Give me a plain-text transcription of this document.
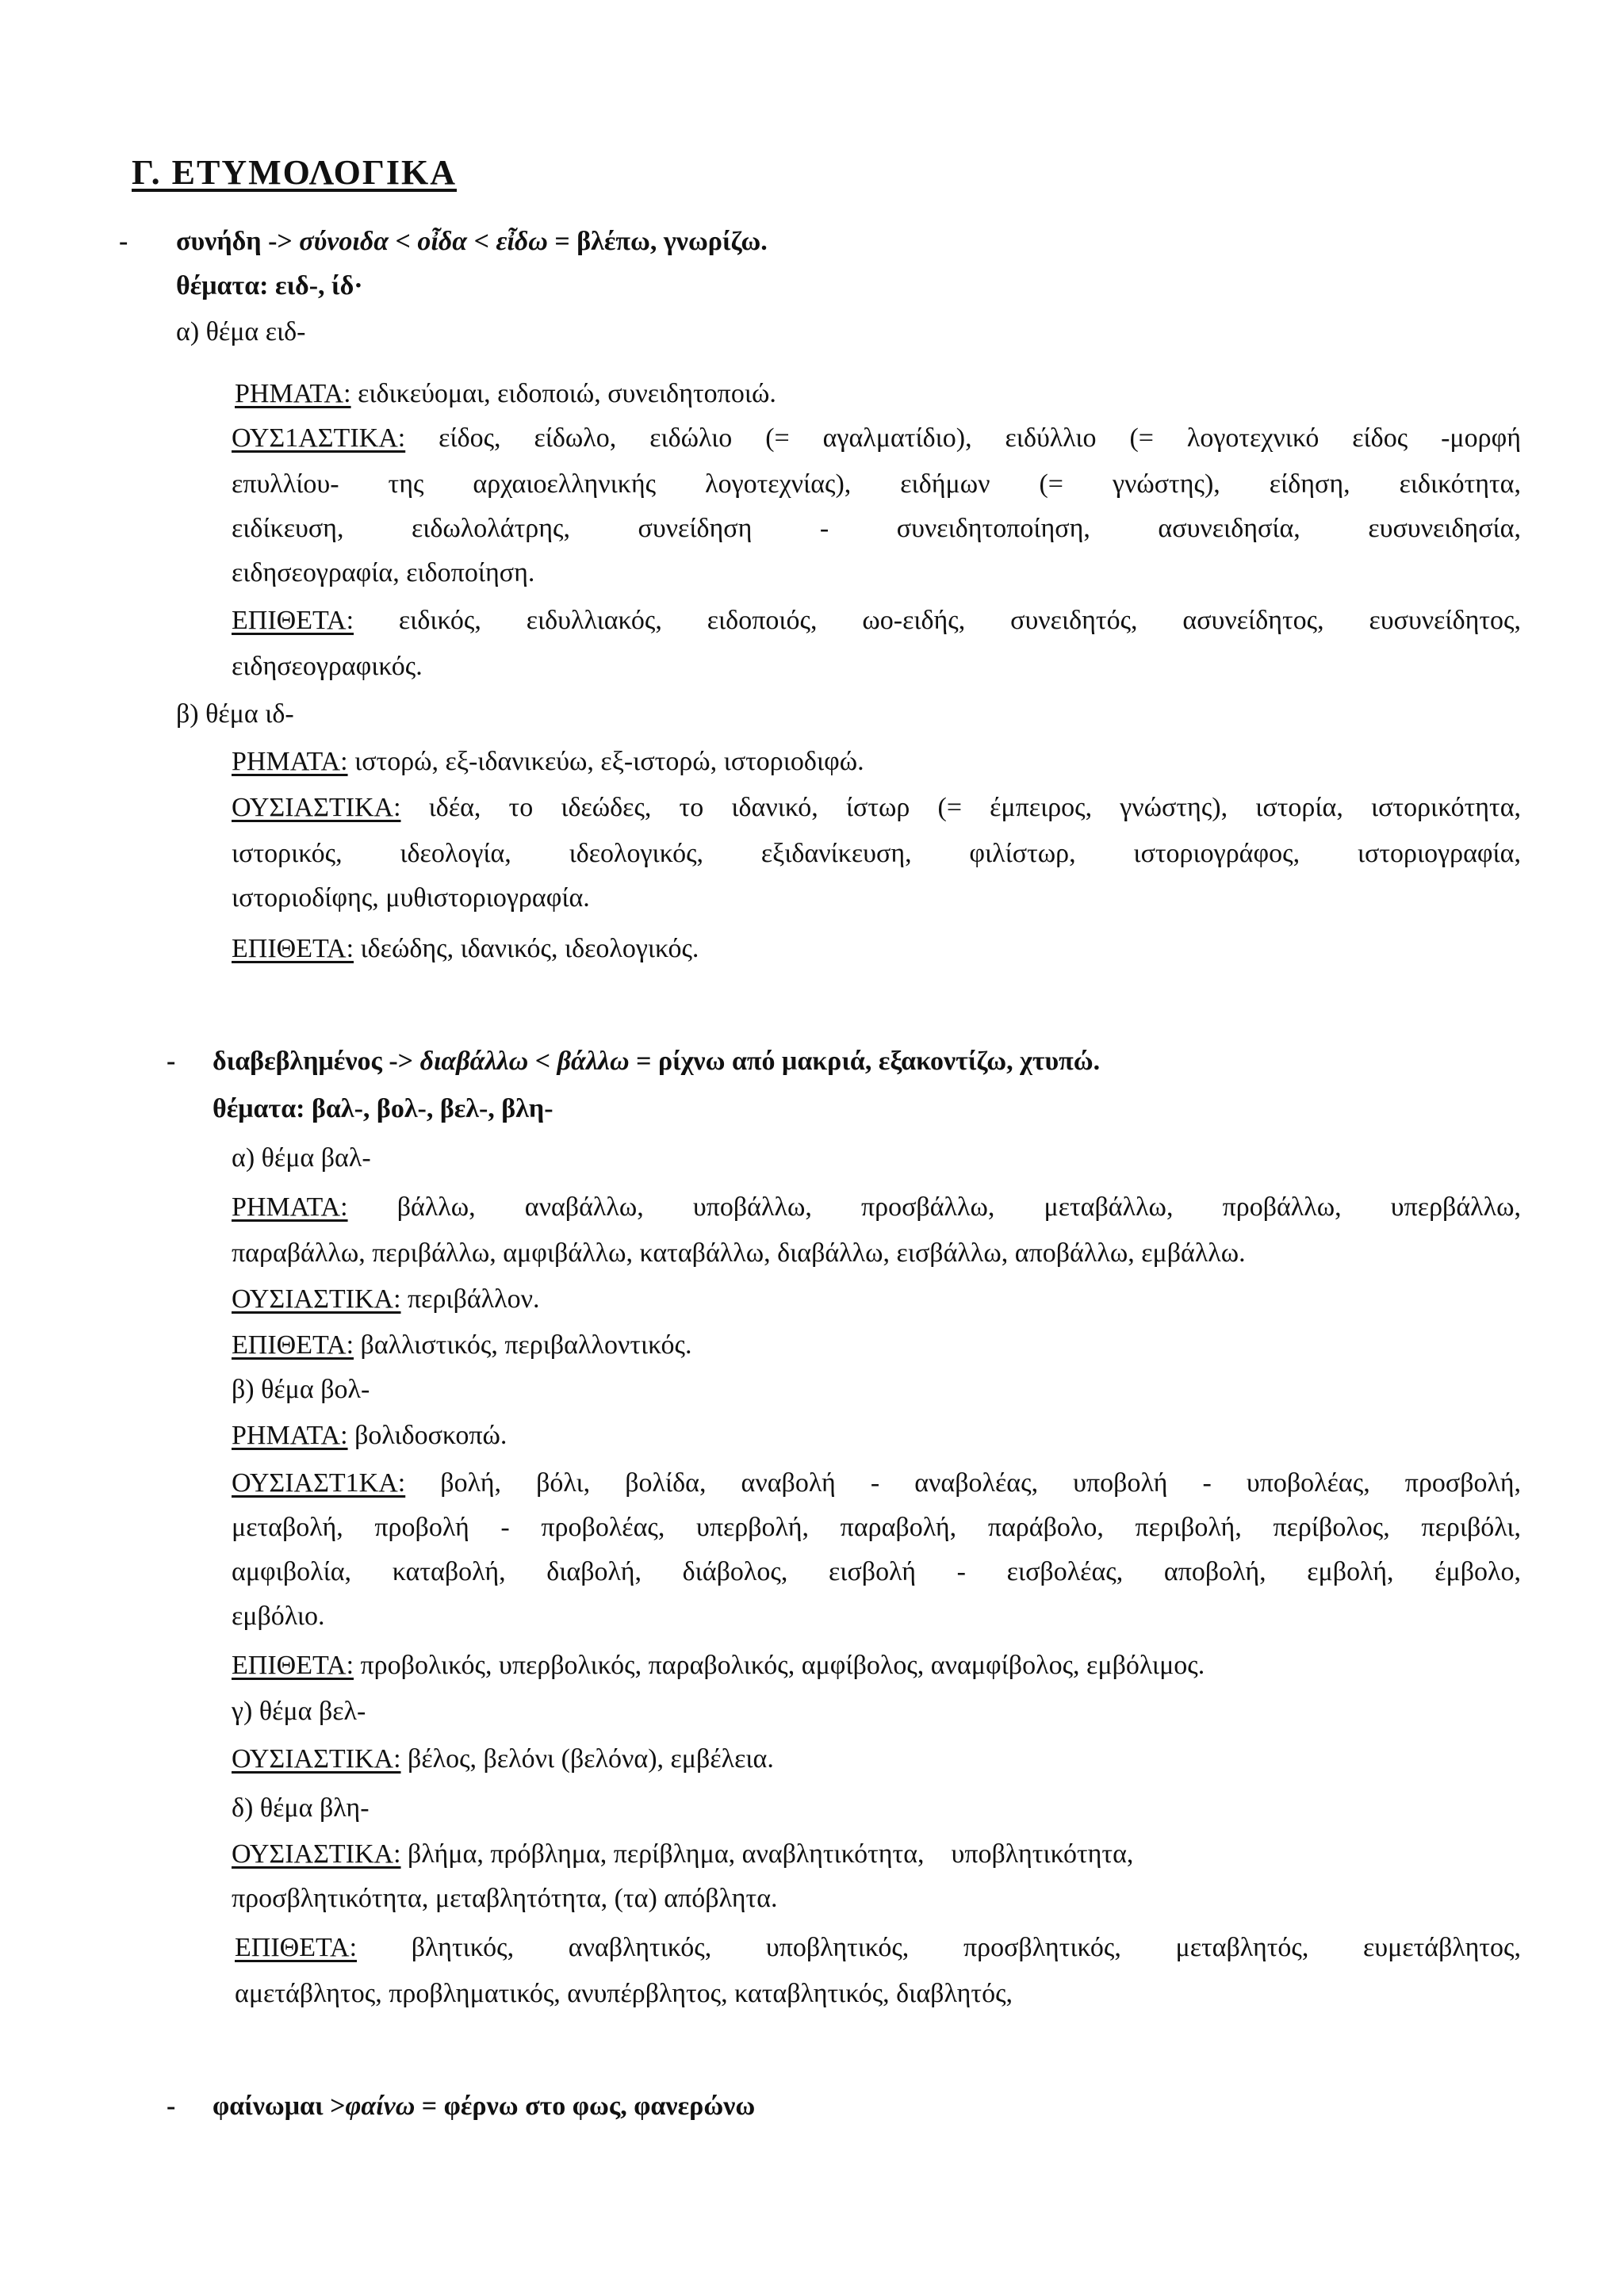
Γ. ΕΤΥΜΟΛΟΓΙΚΑ
- συνήδη -> σύνοιδα < οἶδα < εἶδω = βλέπω, γνωρίζω.
θέματα: ειδ-, ίδ·
α) θέμα ειδ-
ΡΗΜΑΤΑ: ειδικεύομαι, ειδοποιώ, συνειδητοποιώ.
ΟΥΣ1ΑΣΤΙΚΑ: είδος, είδωλο, ειδώλιο (= αγαλματίδιο), ειδύλλιο (= λογοτεχνικό είδος -μορφή
επυλλίου- της αρχαιοελληνικής λογοτεχνίας), ειδήμων (= γνώστης), είδηση, ειδικότητα,
ειδίκευση, ειδωλολάτρης, συνείδηση - συνειδητοποίηση, ασυνειδησία, ευσυνειδησία,
ειδησεογραφία, ειδοποίηση.
ΕΠΙΘΕΤΑ: ειδικός, ειδυλλιακός, ειδοποιός, ωο-ειδής, συνειδητός, ασυνείδητος, ευσυνείδητος,
ειδησεογραφικός.
β) θέμα ιδ-
ΡΗΜΑΤΑ: ιστορώ, εξ-ιδανικεύω, εξ-ιστορώ, ιστοριοδιφώ.
ΟΥΣΙΑΣΤΙΚΑ: ιδέα, το ιδεώδες, το ιδανικό, ίστωρ (= έμπειρος, γνώστης), ιστορία, ιστορικότητα,
ιστορικός, ιδεολογία, ιδεολογικός, εξιδανίκευση, φιλίστωρ, ιστοριογράφος, ιστοριογραφία,
ιστοριοδίφης, μυθιστοριογραφία.
ΕΠΙΘΕΤΑ: ιδεώδης, ιδανικός, ιδεολογικός.
- διαβεβλημένος -> διαβάλλω < βάλλω = ρίχνω από μακριά, εξακοντίζω, χτυπώ.
θέματα: βαλ-, βολ-, βελ-, βλη-
α) θέμα βαλ-
ΡΗΜΑΤΑ: βάλλω, αναβάλλω, υποβάλλω, προσβάλλω, μεταβάλλω, προβάλλω, υπερβάλλω,
παραβάλλω, περιβάλλω, αμφιβάλλω, καταβάλλω, διαβάλλω, εισβάλλω, αποβάλλω, εμβάλλω.
ΟΥΣΙΑΣΤΙΚΑ: περιβάλλον.
ΕΠΙΘΕΤΑ: βαλλιστικός, περιβαλλοντικός.
β) θέμα βολ-
ΡΗΜΑΤΑ: βολιδοσκοπώ.
ΟΥΣΙΑΣΤ1ΚΑ: βολή, βόλι, βολίδα, αναβολή - αναβολέας, υποβολή - υποβολέας, προσβολή,
μεταβολή, προβολή - προβολέας, υπερβολή, παραβολή, παράβολο, περιβολή, περίβολος, περιβόλι,
αμφιβολία, καταβολή, διαβολή, διάβολος, εισβολή - εισβολέας, αποβολή, εμβολή, έμβολο,
εμβόλιο.
ΕΠΙΘΕΤΑ: προβολικός, υπερβολικός, παραβολικός, αμφίβολος, αναμφίβολος, εμβόλιμος.
γ) θέμα βελ-
ΟΥΣΙΑΣΤΙΚΑ: βέλος, βελόνι (βελόνα), εμβέλεια.
δ) θέμα βλη-
ΟΥΣΙΑΣΤΙΚΑ: βλήμα, πρόβλημα, περίβλημα, αναβλητικότητα,    υποβλητικότητα,
προσβλητικότητα, μεταβλητότητα, (τα) απόβλητα.
ΕΠΙΘΕΤΑ: βλητικός, αναβλητικός, υποβλητικός, προσβλητικός, μεταβλητός, ευμετάβλητος,
αμετάβλητος, προβληματικός, ανυπέρβλητος, καταβλητικός, διαβλητός,
- φαίνωμαι >φαίνω = φέρνω στο φως, φανερώνω
